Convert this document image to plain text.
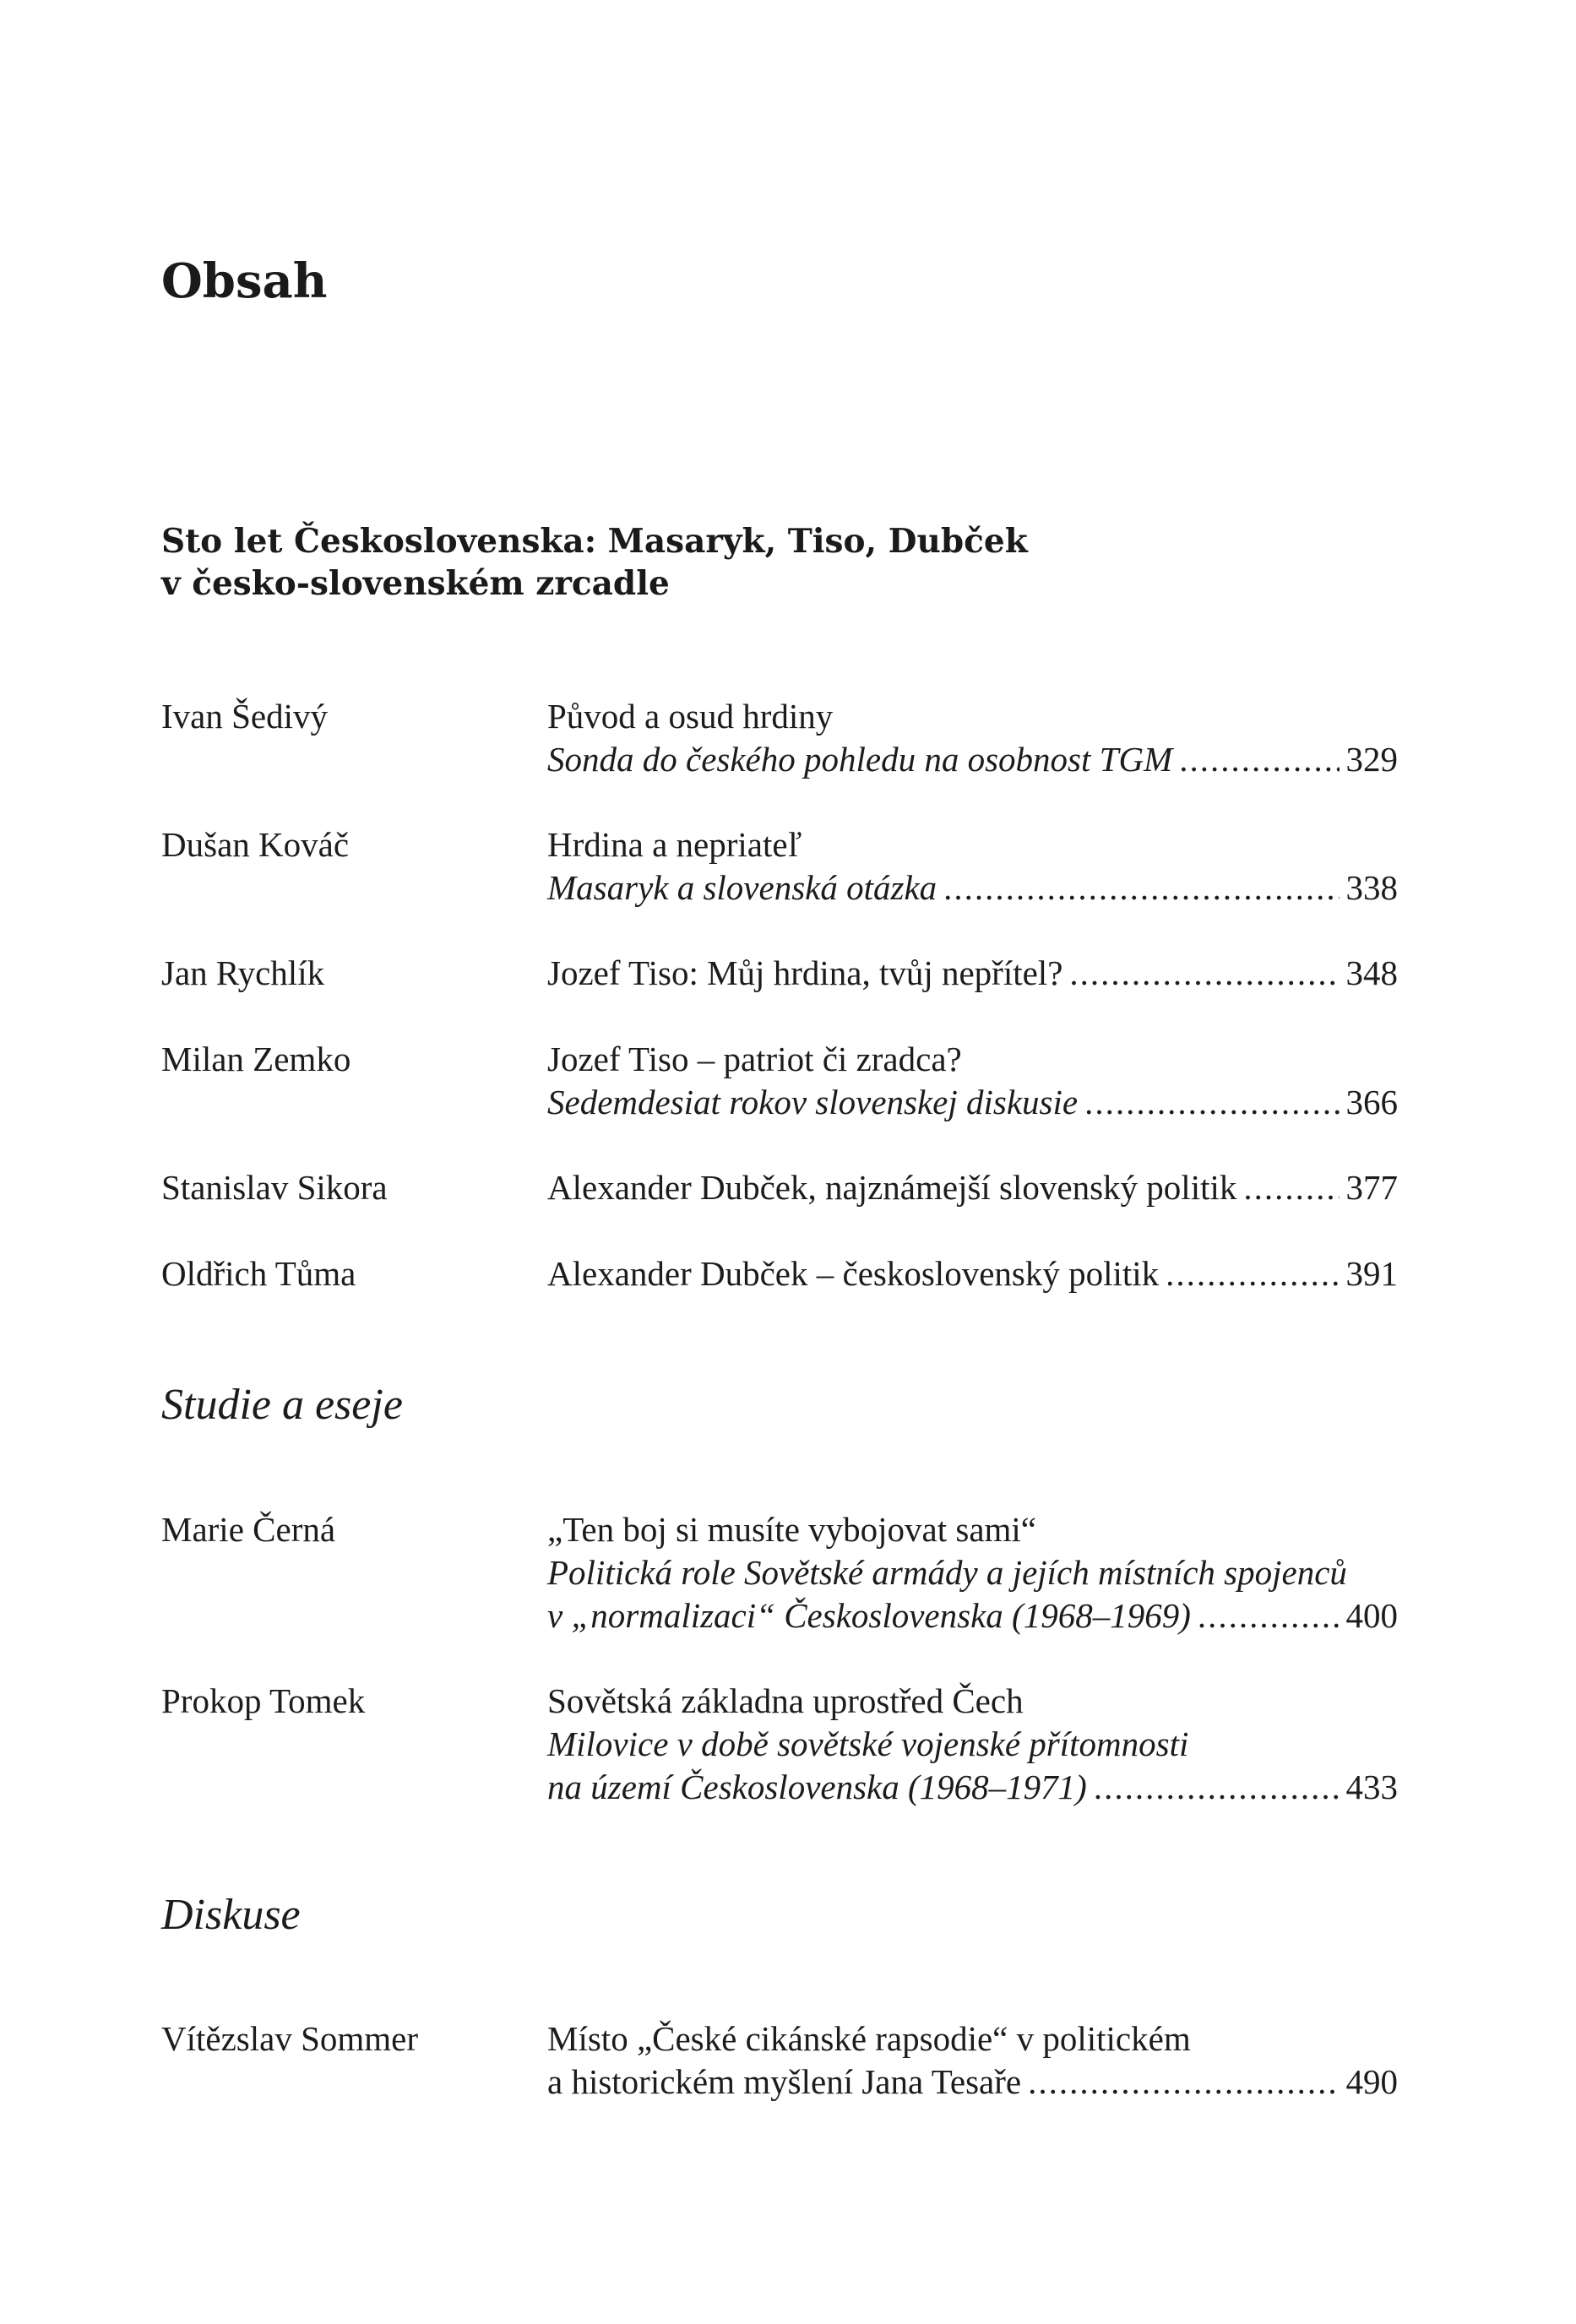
Obsah
Sto let Československa: Masaryk, Tiso, Dubček
v česko-slovenském zrcadle
Ivan Šedivý	Původ a osud hrdiny
Sonda do českého pohledu na osobnost TGM .....	329
Dušan Kováč	Hrdina a nepriateľ
Masaryk a slovenská otázka .....	338
Jan Rychlík	Jozef Tiso: Můj hrdina, tvůj nepřítel? .....	348
Milan Zemko	Jozef Tiso – patriot či zradca?
Sedemdesiat rokov slovenskej diskusie .....	366
Stanislav Sikora	Alexander Dubček, najznámejší slovenský politik .....	377
Oldřich Tůma	Alexander Dubček – československý politik .....	391
Studie a eseje
Marie Černá	„Ten boj si musíte vybojovat sami“
Politická role Sovětské armády a jejích místních spojenců
v „normalizaci“ Československa (1968–1969) .....	400
Prokop Tomek	Sovětská základna uprostřed Čech
Milovice v době sovětské vojenské přítomnosti
na území Československa (1968–1971) .....	433
Diskuse
Vítězslav Sommer	Místo „České cikánské rapsodie“ v politickém
a historickém myšlení Jana Tesaře .....	490
